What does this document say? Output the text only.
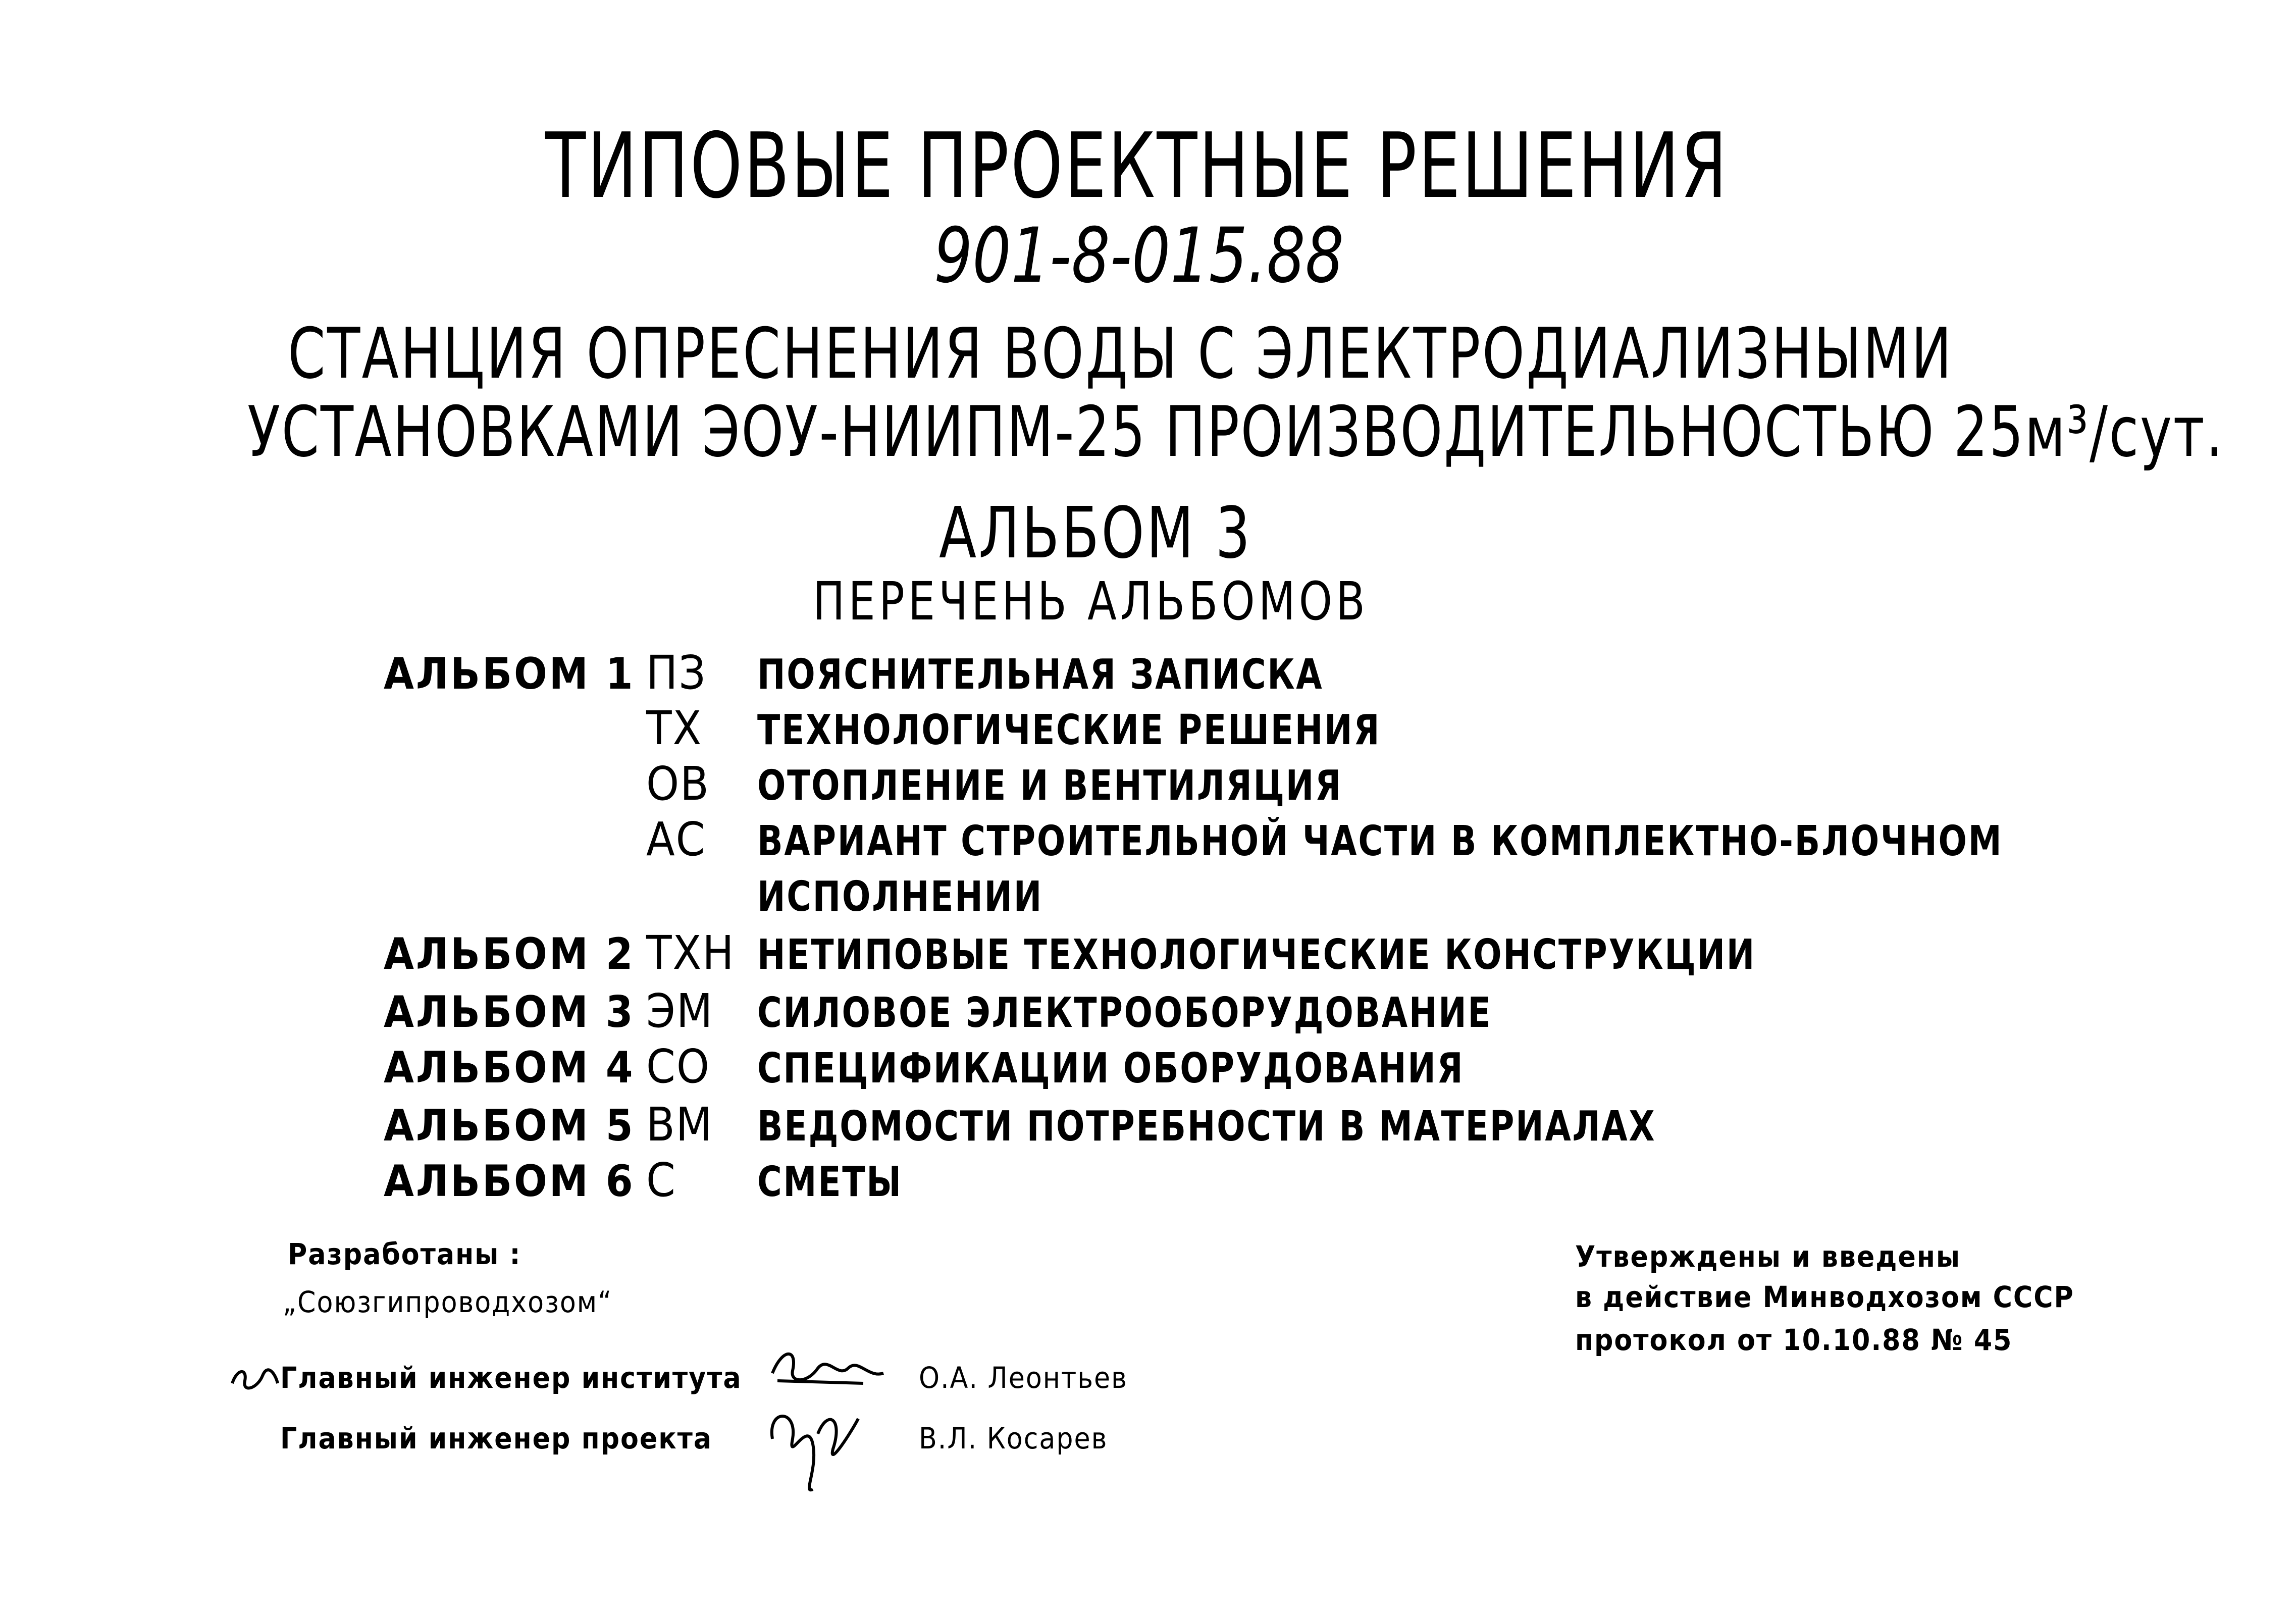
ТИПОВЫЕ ПРОЕКТНЫЕ РЕШЕНИЯ
901-8-015.88
СТАНЦИЯ ОПРЕСНЕНИЯ ВОДЫ С ЭЛЕКТРОДИАЛИЗНЫМИ
УСТАНОВКАМИ ЭОУ-НИИПМ-25 ПРОИЗВОДИТЕЛЬНОСТЬЮ 25м³/сут.
АЛЬБОМ 3
ПЕРЕЧЕНЬ АЛЬБОМОВ
АЛЬБОМ 1 ПЗ ПОЯСНИТЕЛЬНАЯ ЗАПИСКА
ТХ ТЕХНОЛОГИЧЕСКИЕ РЕШЕНИЯ
ОВ ОТОПЛЕНИЕ И ВЕНТИЛЯЦИЯ
АС ВАРИАНТ СТРОИТЕЛЬНОЙ ЧАСТИ В КОМПЛЕКТНО-БЛОЧНОМ
ИСПОЛНЕНИИ
АЛЬБОМ 2 ТХН НЕТИПОВЫЕ ТЕХНОЛОГИЧЕСКИЕ КОНСТРУКЦИИ
АЛЬБОМ 3 ЭМ СИЛОВОЕ ЭЛЕКТРООБОРУДОВАНИЕ
АЛЬБОМ 4 СО СПЕЦИФИКАЦИИ ОБОРУДОВАНИЯ
АЛЬБОМ 5 ВМ ВЕДОМОСТИ ПОТРЕБНОСТИ В МАТЕРИАЛАХ
АЛЬБОМ 6 С СМЕТЫ
Разработаны :
„Союзгипроводхозом“
Главный инженер института	О.А. Леонтьев
Главный инженер проекта	В.Л. Косарев
Утверждены и введены
в действие Минводхозом СССР
протокол от 10.10.88 № 45
